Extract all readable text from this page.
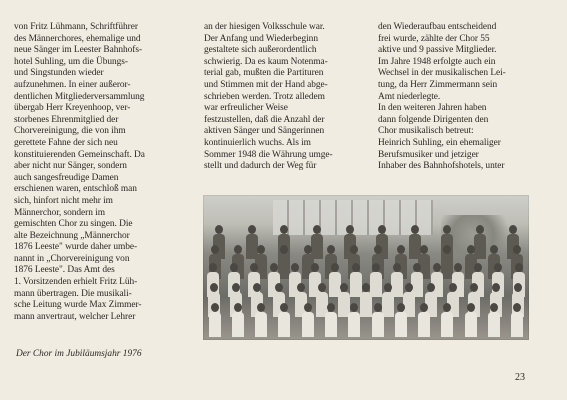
von Fritz Lühmann, Schriftführer
des Männerchores, ehemalige und
neue Sänger im Leester Bahnhofs-
hotel Suhling, um die Übungs-
und Singstunden wieder
aufzunehmen. In einer außeror-
dentlichen Mitgliederversammlung
übergab Herr Kreyenhoop, ver-
storbenes Ehrenmitglied der
Chorvereinigung, die von ihm
gerettete Fahne der sich neu
konstituierenden Gemeinschaft. Da
aber nicht nur Sänger, sondern
auch sangesfreudige Damen
erschienen waren, entschloß man
sich, hinfort nicht mehr im
Männerchor, sondern im
gemischten Chor zu singen. Die
alte Bezeichnung „Männerchor
1876 Leeste" wurde daher umbe-
nannt in „Chorvereinigung von
1876 Leeste". Das Amt des
1. Vorsitzenden erhielt Fritz Lüh-
mann übertragen. Die musikali-
sche Leitung wurde Max Zimmer-
mann anvertraut, welcher Lehrer
an der hiesigen Volksschule war.
Der Anfang und Wiederbeginn
gestaltete sich außerordentlich
schwierig. Da es kaum Notenma-
terial gab, mußten die Partituren
und Stimmen mit der Hand abge-
schrieben werden. Trotz alledem
war erfreulicher Weise
festzustellen, daß die Anzahl der
aktiven Sänger und Sängerinnen
kontinuierlich wuchs. Als im
Sommer 1948 die Währung umge-
stellt und dadurch der Weg für
den Wiederaufbau entscheidend
frei wurde, zählte der Chor 55
aktive und 9 passive Mitglieder.
Im Jahre 1948 erfolgte auch ein
Wechsel in der musikalischen Lei-
tung, da Herr Zimmermann sein
Amt niederlegte.
In den weiteren Jahren haben
dann folgende Dirigenten den
Chor musikalisch betreut:
Heinrich Suhling, ein ehemaliger
Berufsmusiker und jetziger
Inhaber des Bahnhofshotels, unter
Der Chor im Jubiläumsjahr 1976
23
